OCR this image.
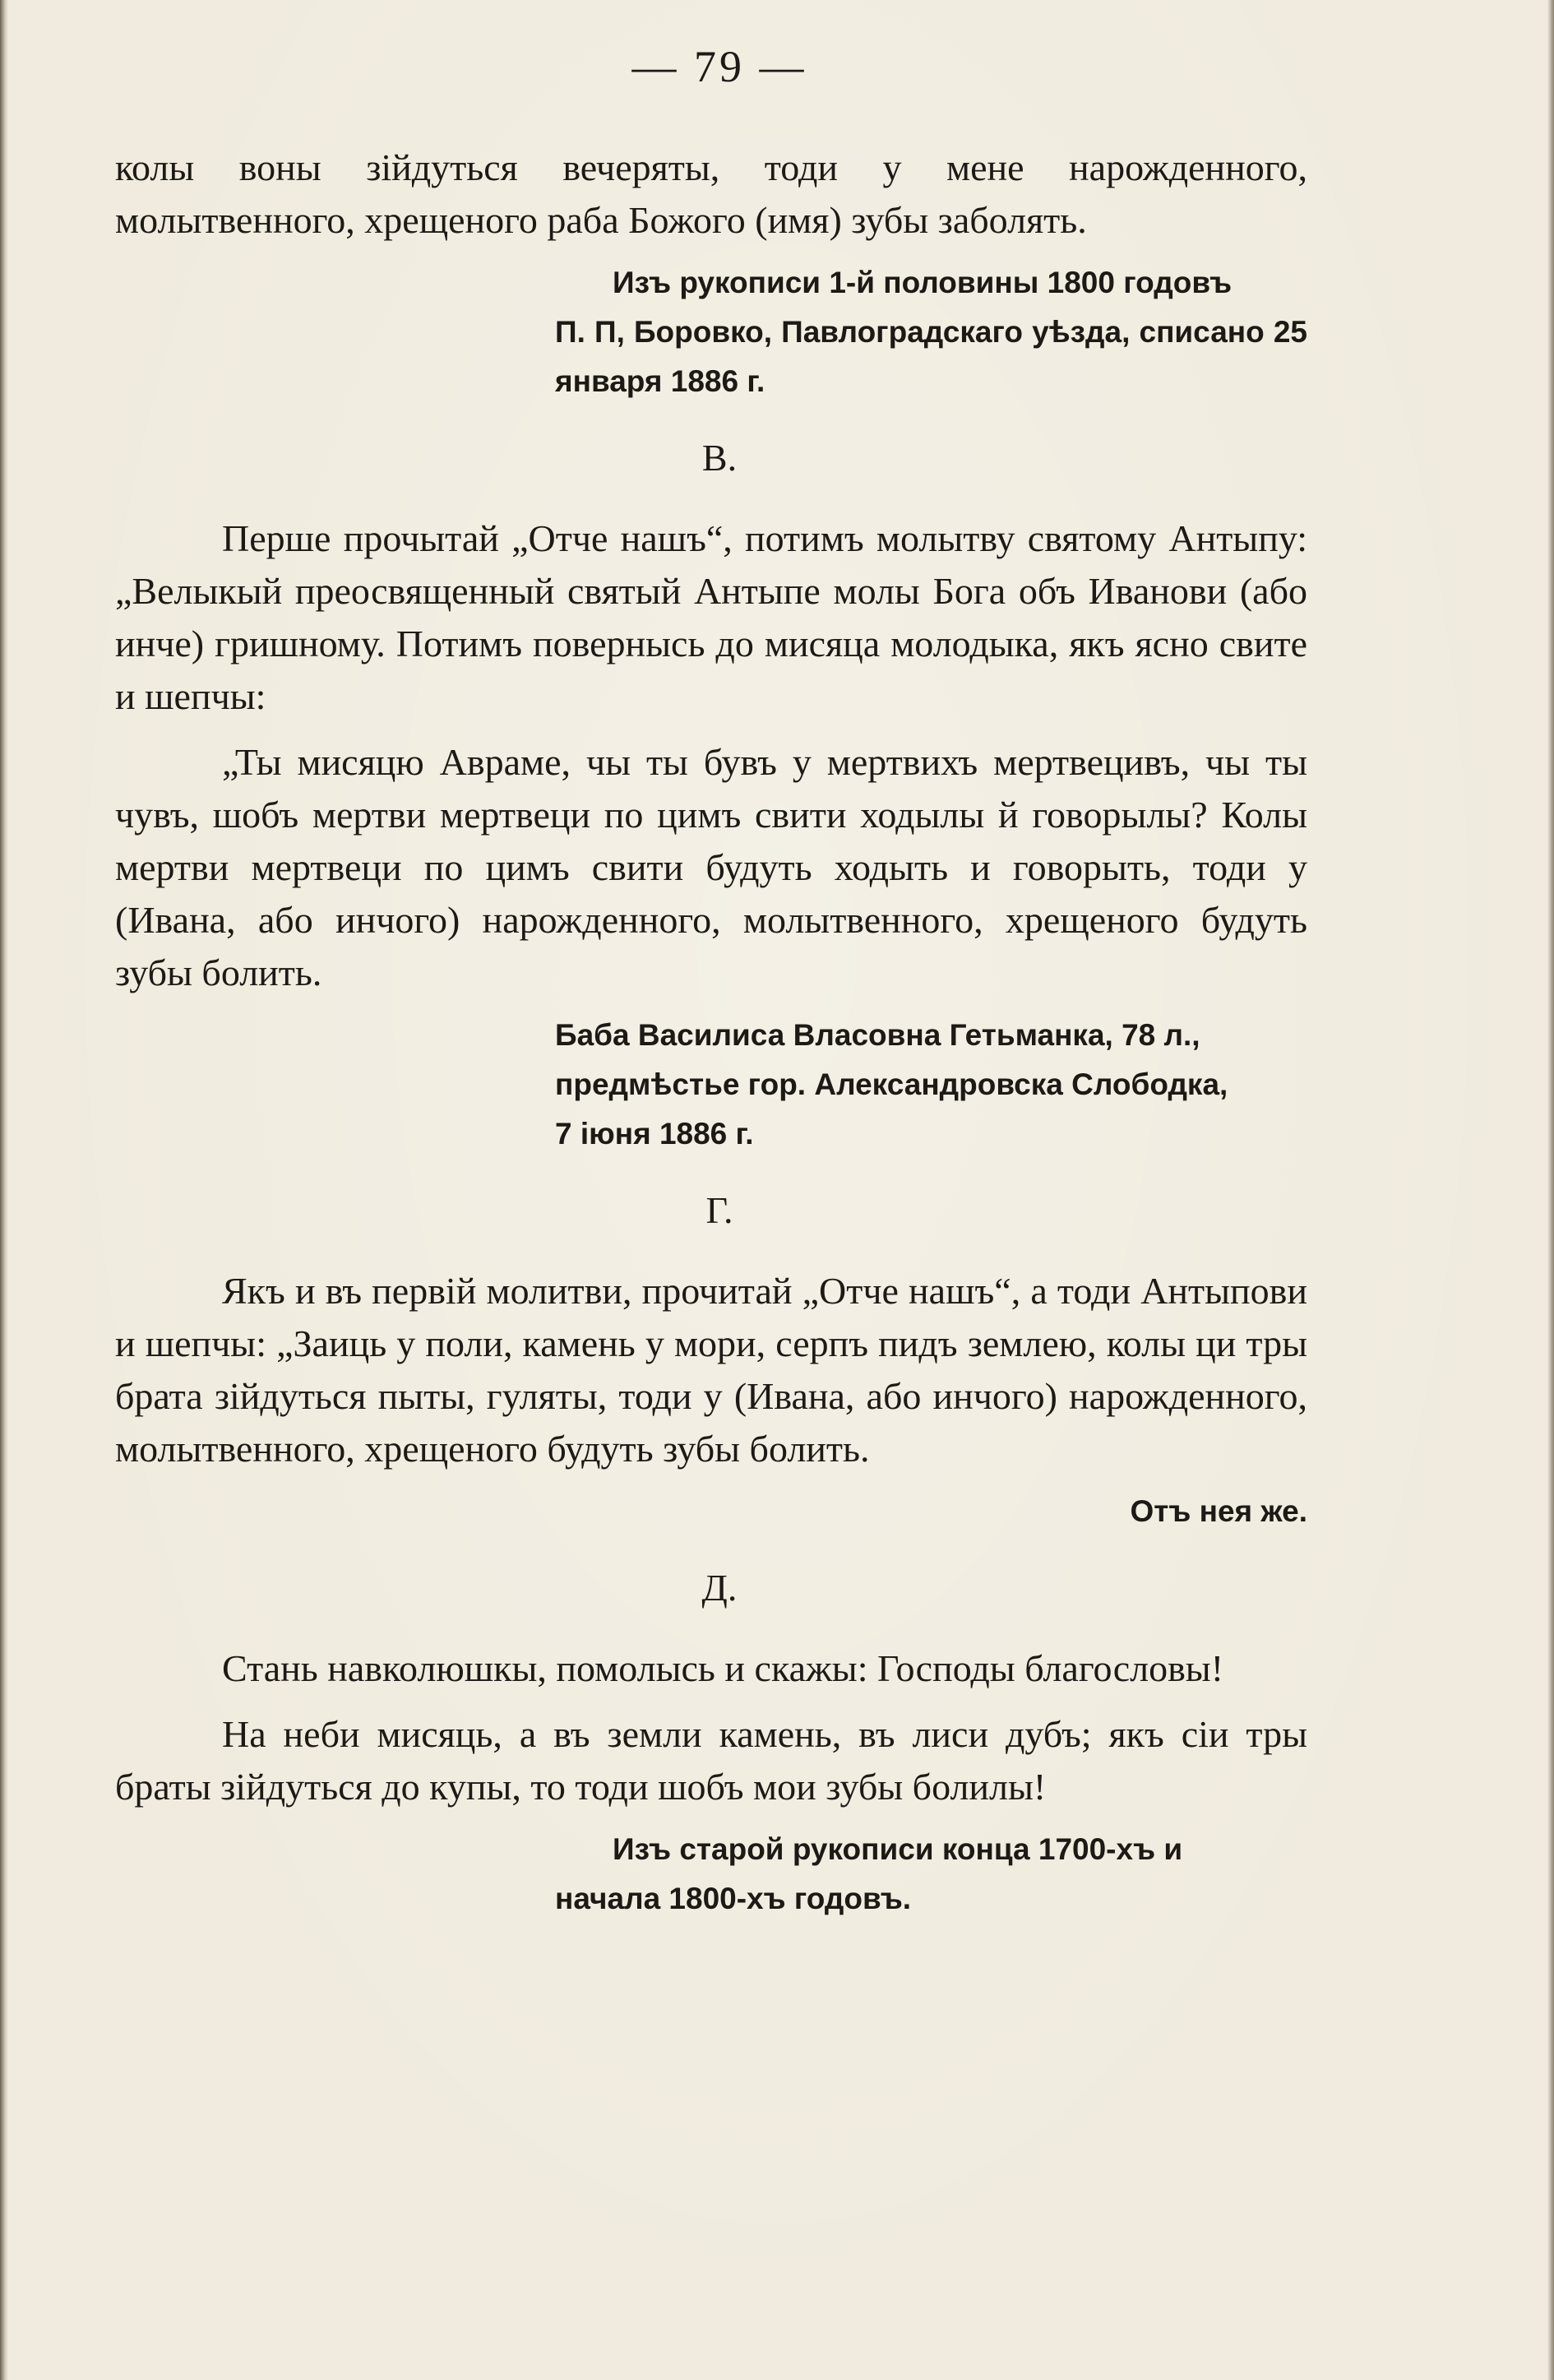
— 79 —

колы воны зійдуться вечеряты, тоди у мене нарожденного, молытвенного, хрещеного раба Божого (имя) зубы заболять.

Изъ рукописи 1-й половины 1800 годовъ
П. П, Боровко, Павлоградскаго уѣзда, списано 25 января 1886 г.
В.

Перше прочытай „Отче нашъ“, потимъ молытву святому Антыпу: „Велыкый преосвященный святый Антыпе молы Бога объ Иванови (або инче) гришному. Потимъ повернысь до мисяца молодыка, якъ ясно свите и шепчы:

„Ты мисяцю Авраме, чы ты бувъ у мертвихъ мертвецивъ, чы ты чувъ, шобъ мертви мертвеци по цимъ свити ходылы й говорылы? Колы мертви мертвеци по цимъ свити будуть ходыть и говорыть, тоди у (Ивана, або инчого) нарожденного, молытвенного, хрещеного будуть зубы болить.

Баба Василиса Власовна Гетьманка, 78 л.,
предмѣстье гор. Александровска Слободка,
7 іюня 1886 г.
Г.

Якъ и въ первій молитви, прочитай „Отче нашъ“, а тоди Антыпови и шепчы: „Заиць у поли, камень у мори, серпъ пидъ землею, колы ци тры брата зійдуться пыты, гуляты, тоди у (Ивана, або инчого) нарожденного, молытвенного, хрещеного будуть зубы болить.

Отъ нея же.
Д.

Стань навколюшкы, помолысь и скажы: Господы благословы!

На неби мисяць, а въ земли камень, въ лиси дубъ; якъ сіи тры браты зійдуться до купы, то тоди шобъ мои зубы болилы!

Изъ старой рукописи конца 1700-хъ и
начала 1800-хъ годовъ.
